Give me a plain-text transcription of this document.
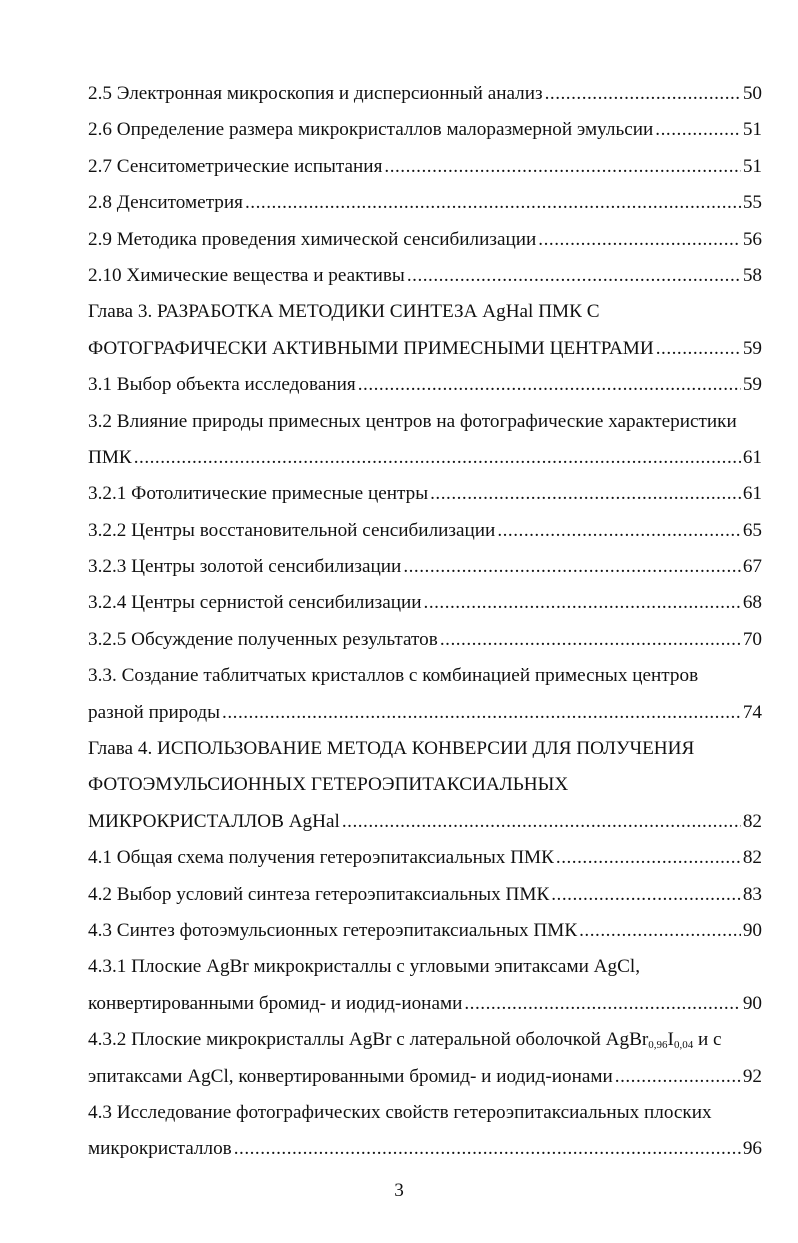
2.5 Электронная микроскопия и дисперсионный анализ .....	50
2.6 Определение размера микрокристаллов малоразмерной эмульсии .....	51
2.7 Сенситометрические испытания .....	51
2.8 Денситометрия .....	55
2.9 Методика проведения химической сенсибилизации .....	56
2.10 Химические вещества и реактивы .....	58
Глава 3. РАЗРАБОТКА МЕТОДИКИ СИНТЕЗА AgHal ПМК С
ФОТОГРАФИЧЕСКИ АКТИВНЫМИ ПРИМЕСНЫМИ ЦЕНТРАМИ .....	59
3.1 Выбор объекта исследования .....	59
3.2 Влияние природы примесных центров на фотографические характеристики
ПМК .....	61
3.2.1 Фотолитические примесные центры .....	61
3.2.2 Центры восстановительной сенсибилизации .....	65
3.2.3 Центры золотой сенсибилизации .....	67
3.2.4 Центры сернистой сенсибилизации .....	68
3.2.5 Обсуждение полученных результатов .....	70
3.3. Создание таблитчатых кристаллов с комбинацией примесных центров
разной природы .....	74
Глава 4. ИСПОЛЬЗОВАНИЕ МЕТОДА КОНВЕРСИИ ДЛЯ ПОЛУЧЕНИЯ
ФОТОЭМУЛЬСИОННЫХ ГЕТЕРОЭПИТАКСИАЛЬНЫХ
МИКРОКРИСТАЛЛОВ AgHal .....	82
4.1 Общая схема получения гетероэпитаксиальных ПМК .....	82
4.2 Выбор условий синтеза гетероэпитаксиальных ПМК .....	83
4.3 Синтез фотоэмульсионных гетероэпитаксиальных ПМК .....	90
4.3.1 Плоские AgBr микрокристаллы с угловыми эпитаксами AgCl,
конвертированными бромид- и иодид-ионами .....	90
4.3.2 Плоские микрокристаллы AgBr с латеральной оболочкой $AgBr_{0,96}I_{0,04}$ и с
эпитаксами AgCl, конвертированными бромид- и иодид-ионами .....	92
4.3 Исследование фотографических свойств гетероэпитаксиальных плоских
микрокристаллов .....	96
3
